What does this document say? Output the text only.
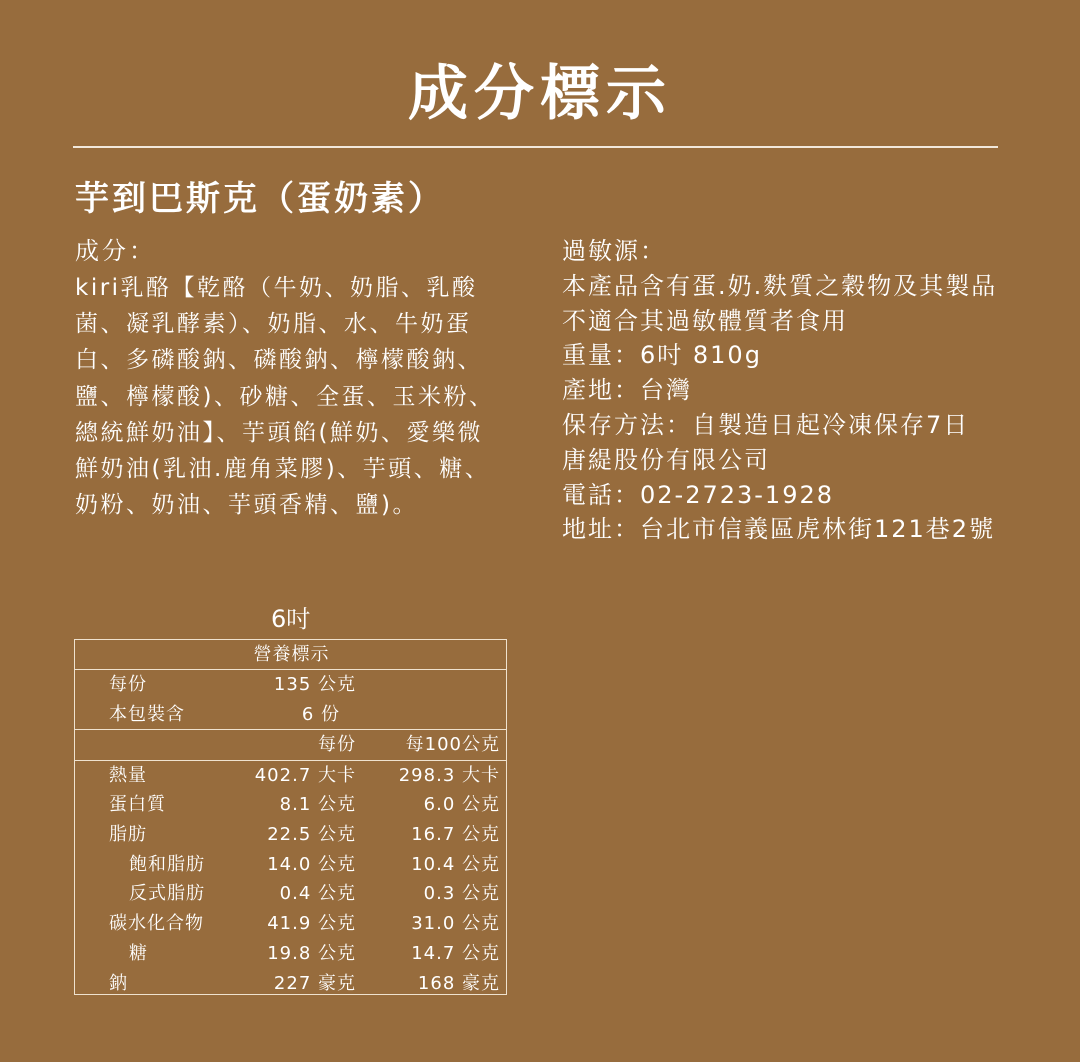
成分標示
芋到巴斯克（蛋奶素）
成分：
kiri乳酪【乾酪（牛奶、奶脂、乳酸
菌、凝乳酵素）、奶脂、水、牛奶蛋
白、多磷酸鈉、磷酸鈉、檸檬酸鈉、
鹽、檸檬酸)、砂糖、全蛋、玉米粉、
總統鮮奶油】、芋頭餡(鮮奶、愛樂微
鮮奶油(乳油.鹿角菜膠)、芋頭、糖、
奶粉、奶油、芋頭香精、鹽)。
過敏源：
本產品含有蛋.奶.麩質之穀物及其製品
不適合其過敏體質者食用
重量：6吋 810g
產地：台灣
保存方法：自製造日起冷凍保存7日
唐緹股份有限公司
電話：02-2723-1928
地址：台北市信義區虎林街121巷2號
6吋
營養標示
每份	135 公克
本包裝含	6 份
每份	每100公克
熱量	402.7 大卡 298.3 大卡
蛋白質	8.1 公克	6.0 公克
脂肪	22.5 公克	16.7 公克
飽和脂肪	14.0 公克	10.4 公克
反式脂肪	0.4 公克	0.3 公克
碳水化合物	41.9 公克	31.0 公克
糖	19.8 公克	14.7 公克
鈉	227 豪克	168 豪克
